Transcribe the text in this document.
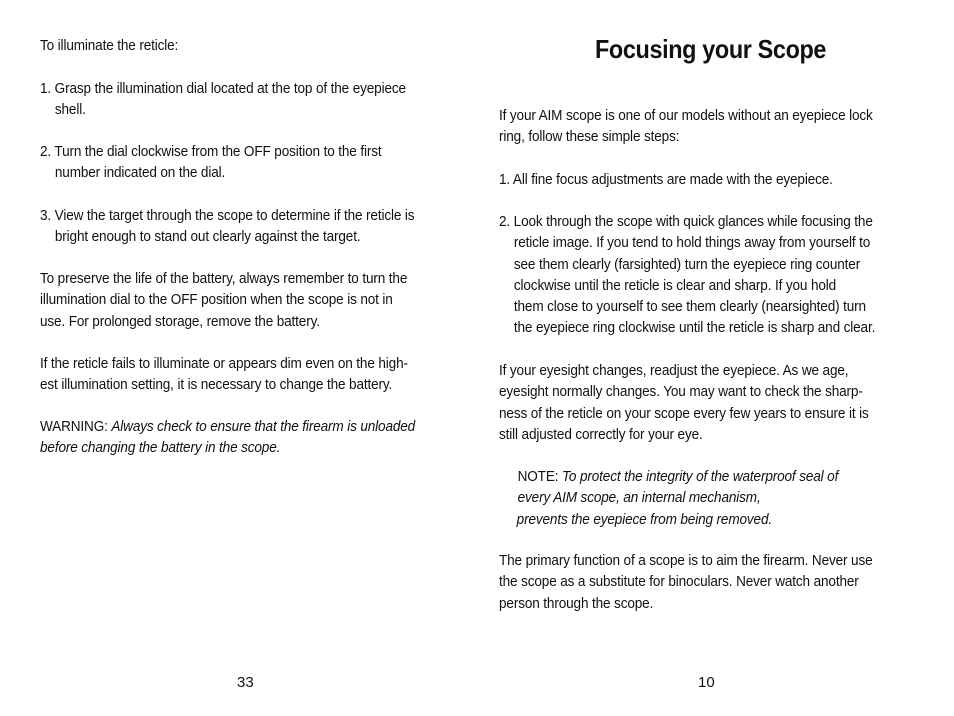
To illuminate the reticle:
1. Grasp the illumination dial located at the top of the eyepiece
shell.
2. Turn the dial clockwise from the OFF position to the first
number indicated on the dial.
3. View the target through the scope to determine if the reticle is
bright enough to stand out clearly against the target.
To preserve the life of the battery, always remember to turn the
illumination dial to the OFF position when the scope is not in
use. For prolonged storage, remove the battery.
If the reticle fails to illuminate or appears dim even on the high-
est illumination setting, it is necessary to change the battery.
WARNING: Always check to ensure that the firearm is unloaded
before changing the battery in the scope.
33
Focusing your Scope
If your AIM scope is one of our models without an eyepiece lock
ring, follow these simple steps:
1. All fine focus adjustments are made with the eyepiece.
2. Look through the scope with quick glances while focusing the
reticle image. If you tend to hold things away from yourself to
see them clearly (farsighted) turn the eyepiece ring counter
clockwise until the reticle is clear and sharp. If you hold
them close to yourself to see them clearly (nearsighted) turn
the eyepiece ring clockwise until the reticle is sharp and clear.
If your eyesight changes, readjust the eyepiece. As we age,
eyesight normally changes. You may want to check the sharp-
ness of the reticle on your scope every few years to ensure it is
still adjusted correctly for your eye.
NOTE: To protect the integrity of the waterproof seal of
every AIM scope, an internal mechanism,
prevents the eyepiece from being removed.
The primary function of a scope is to aim the firearm. Never use
the scope as a substitute for binoculars. Never watch another
person through the scope.
10
